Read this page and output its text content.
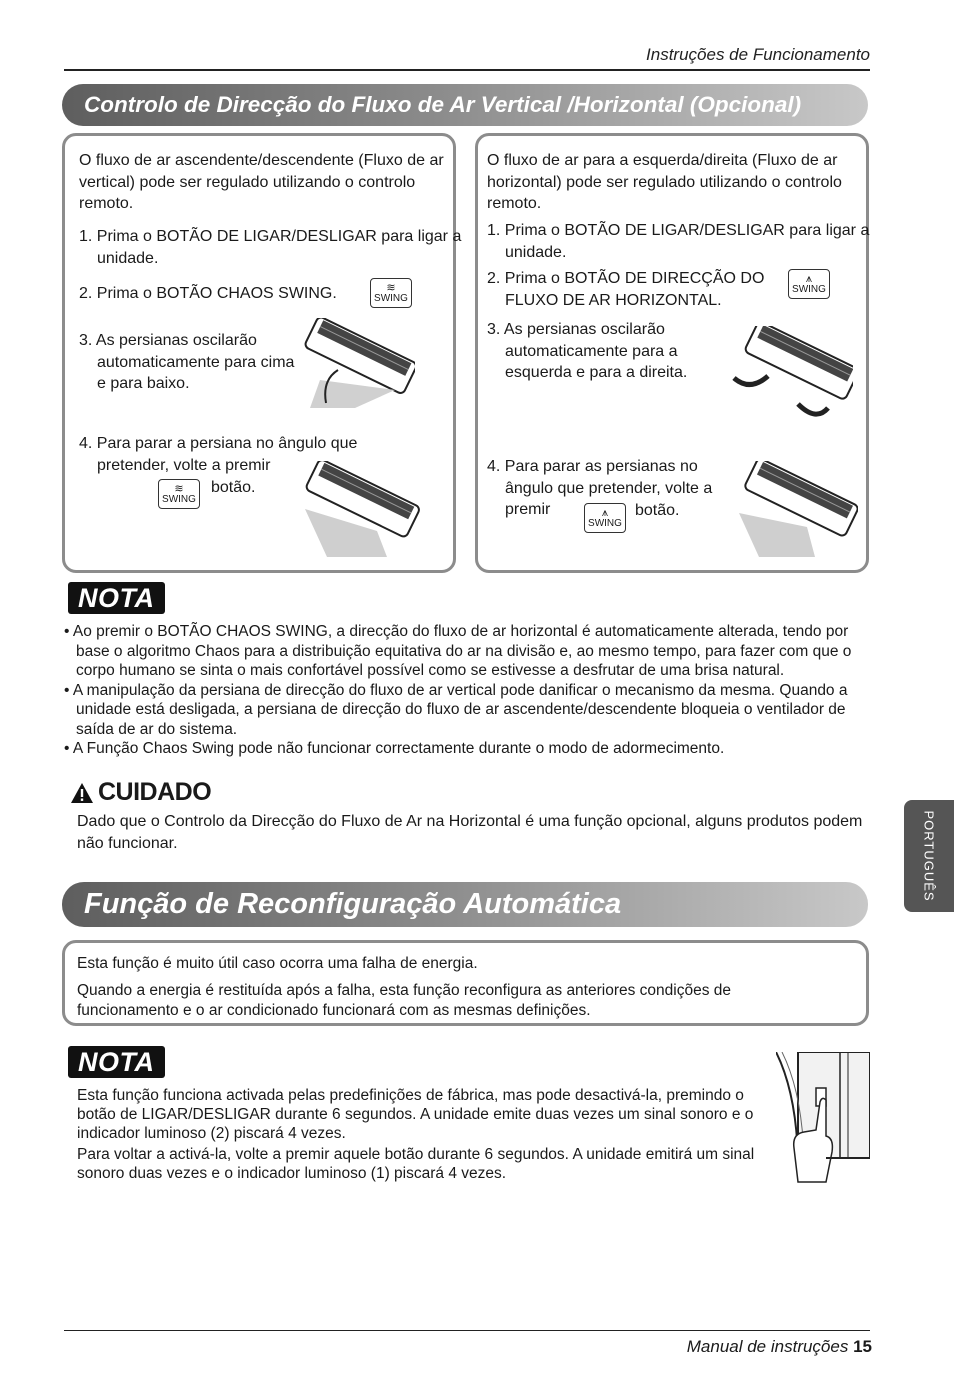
Instruções de Funcionamento
Controlo de Direcção do Fluxo de Ar Vertical /Horizontal (Opcional)
O fluxo de ar ascendente/descendente (Fluxo de ar vertical) pode ser regulado utilizando o controlo remoto.
1. Prima o BOTÃO DE LIGAR/DESLIGAR para ligar a unidade.
2. Prima o BOTÃO CHAOS SWING.	≋
SWING
3. As persianas oscilarão automaticamente para cima e para baixo.
4. Para parar a persiana no ângulo que pretender, volte a premir
≋
SWING
botão.
O fluxo de ar para a esquerda/direita (Fluxo de ar horizontal) pode ser regulado utilizando o controlo remoto.
1. Prima o BOTÃO DE LIGAR/DESLIGAR para ligar a unidade.
2. Prima o BOTÃO DE DIRECÇÃO DO FLUXO DE AR HORIZONTAL.
⩚
SWING
3. As persianas oscilarão automaticamente para a esquerda e para a direita.
4. Para parar as persianas no ângulo que pretender, volte a premir	⩚
SWING
botão.
NOTA
• Ao premir o BOTÃO CHAOS SWING, a direcção do fluxo de ar horizontal é automaticamente alterada, tendo por base o algoritmo Chaos para a distribuição equitativa do ar na divisão e, ao mesmo tempo, para fazer com que o corpo humano se sinta o mais confortável possível como se estivesse a desfrutar de uma brisa natural.
• A manipulação da persiana de direcção do fluxo de ar vertical pode danificar o mecanismo da mesma. Quando a unidade está desligada, a persiana de direcção do fluxo de ar ascendente/descendente bloqueia o ventilador de saída de ar do sistema.
• A Função Chaos Swing pode não funcionar correctamente durante o modo de adormecimento.
CUIDADO
Dado que o Controlo da Direcção do Fluxo de Ar na Horizontal é uma função opcional, alguns produtos podem não funcionar.	PORTUGUÊS
Função de Reconfiguração Automática
Esta função é muito útil caso ocorra uma falha de energia.
Quando a energia é restituída após a falha, esta função reconfigura as anteriores condições de funcionamento e o ar condicionado funcionará com as mesmas definições.
NOTA
Esta função funciona activada pelas predefinições de fábrica, mas pode desactivá-la, premindo o botão de LIGAR/DESLIGAR durante 6 segundos. A unidade emite duas vezes um sinal sonoro e o indicador luminoso (2) piscará 4 vezes.
Para voltar a activá-la, volte a premir aquele botão durante 6 segundos. A unidade emitirá um sinal sonoro duas vezes e o indicador luminoso (1) piscará 4 vezes.
Manual de instruções 15
